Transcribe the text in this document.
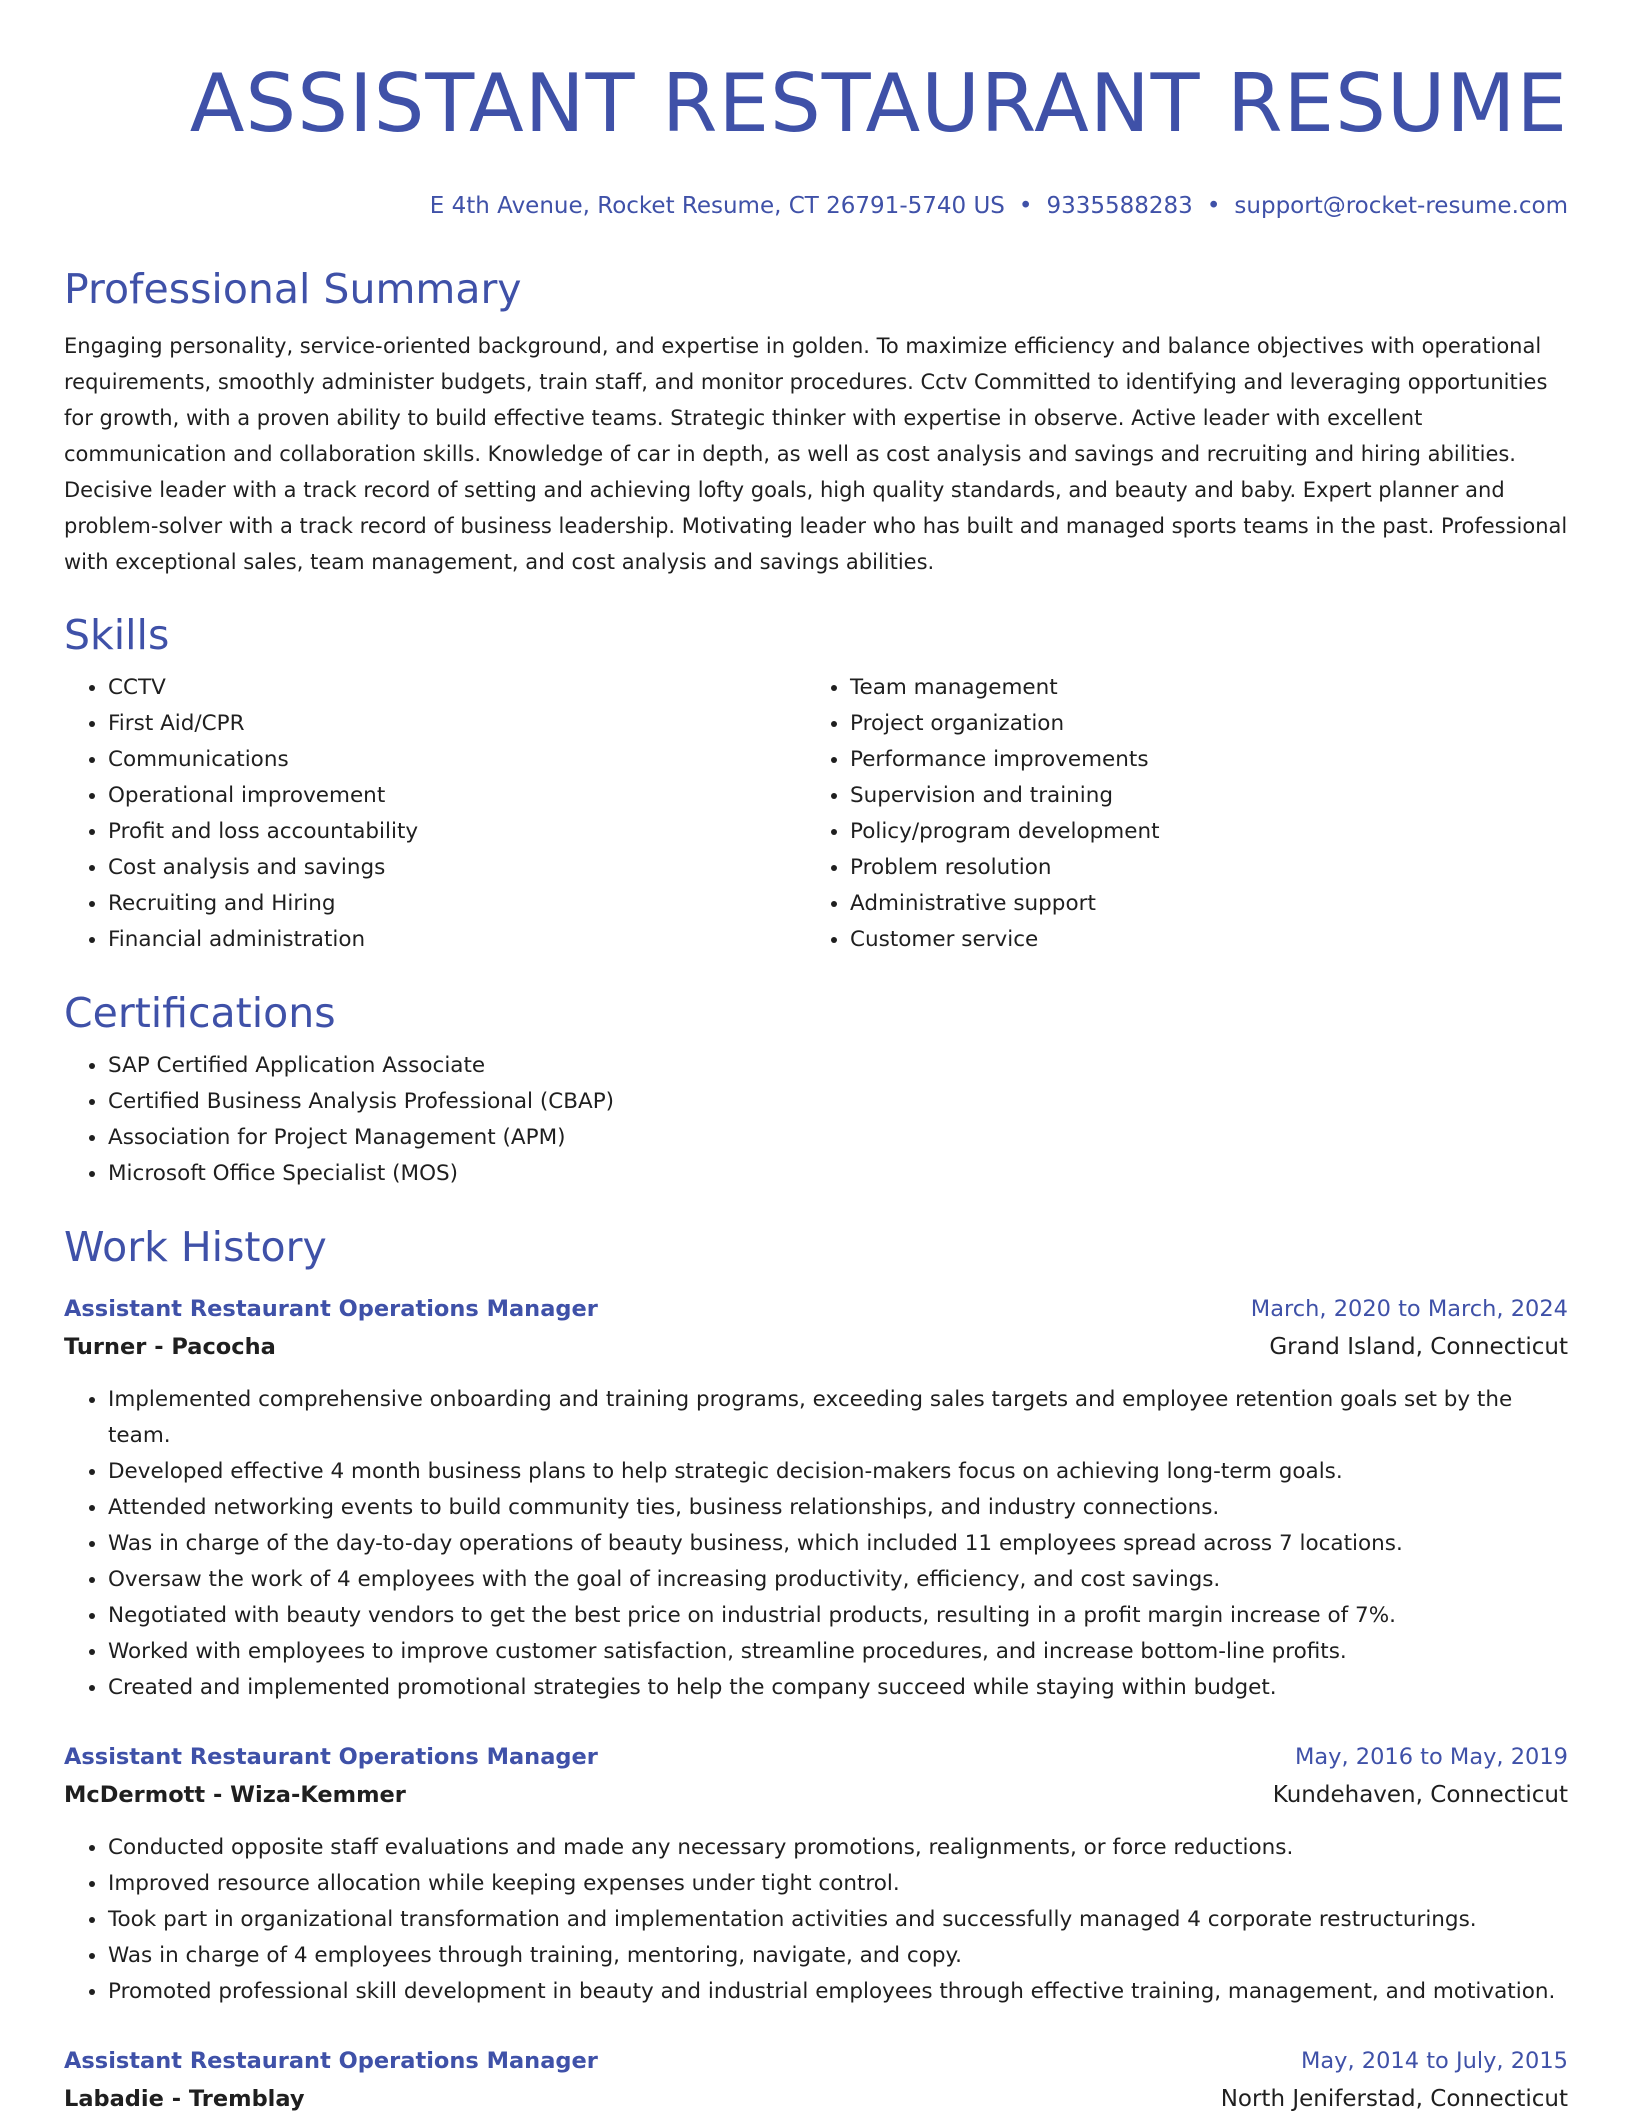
ASSISTANT RESTAURANT RESUME
E 4th Avenue, Rocket Resume, CT 26791-5740 US • 9335588283 • support@rocket-resume.com
Professional Summary

Engaging personality, service-oriented background, and expertise in golden. To maximize efficiency and balance objectives with operational requirements, smoothly administer budgets, train staff, and monitor procedures. Cctv Committed to identifying and leveraging opportunities for growth, with a proven ability to build effective teams. Strategic thinker with expertise in observe. Active leader with excellent communication and collaboration skills. Knowledge of car in depth, as well as cost analysis and savings and recruiting and hiring abilities. Decisive leader with a track record of setting and achieving lofty goals, high quality standards, and beauty and baby. Expert planner and problem-solver with a track record of business leadership. Motivating leader who has built and managed sports teams in the past. Professional with exceptional sales, team management, and cost analysis and savings abilities.

Skills
• CCTV
• First Aid/CPR
• Communications
• Operational improvement
• Profit and loss accountability
• Cost analysis and savings
• Recruiting and Hiring
• Financial administration
• Team management
• Project organization
• Performance improvements
• Supervision and training
• Policy/program development
• Problem resolution
• Administrative support
• Customer service
Certifications
• SAP Certified Application Associate
• Certified Business Analysis Professional (CBAP)
• Association for Project Management (APM)
• Microsoft Office Specialist (MOS)
Work History
Assistant Restaurant Operations Manager	March, 2020 to March, 2024
Turner - Pacocha	Grand Island, Connecticut
• Implemented comprehensive onboarding and training programs, exceeding sales targets and employee retention goals set by the team.
• Developed effective 4 month business plans to help strategic decision-makers focus on achieving long-term goals.
• Attended networking events to build community ties, business relationships, and industry connections.
• Was in charge of the day-to-day operations of beauty business, which included 11 employees spread across 7 locations.
• Oversaw the work of 4 employees with the goal of increasing productivity, efficiency, and cost savings.
• Negotiated with beauty vendors to get the best price on industrial products, resulting in a profit margin increase of 7%.
• Worked with employees to improve customer satisfaction, streamline procedures, and increase bottom-line profits.
• Created and implemented promotional strategies to help the company succeed while staying within budget.
Assistant Restaurant Operations Manager	May, 2016 to May, 2019
McDermott - Wiza-Kemmer	Kundehaven, Connecticut
• Conducted opposite staff evaluations and made any necessary promotions, realignments, or force reductions.
• Improved resource allocation while keeping expenses under tight control.
• Took part in organizational transformation and implementation activities and successfully managed 4 corporate restructurings.
• Was in charge of 4 employees through training, mentoring, navigate, and copy.
• Promoted professional skill development in beauty and industrial employees through effective training, management, and motivation.
Assistant Restaurant Operations Manager	May, 2014 to July, 2015
Labadie - Tremblay	North Jeniferstad, Connecticut
